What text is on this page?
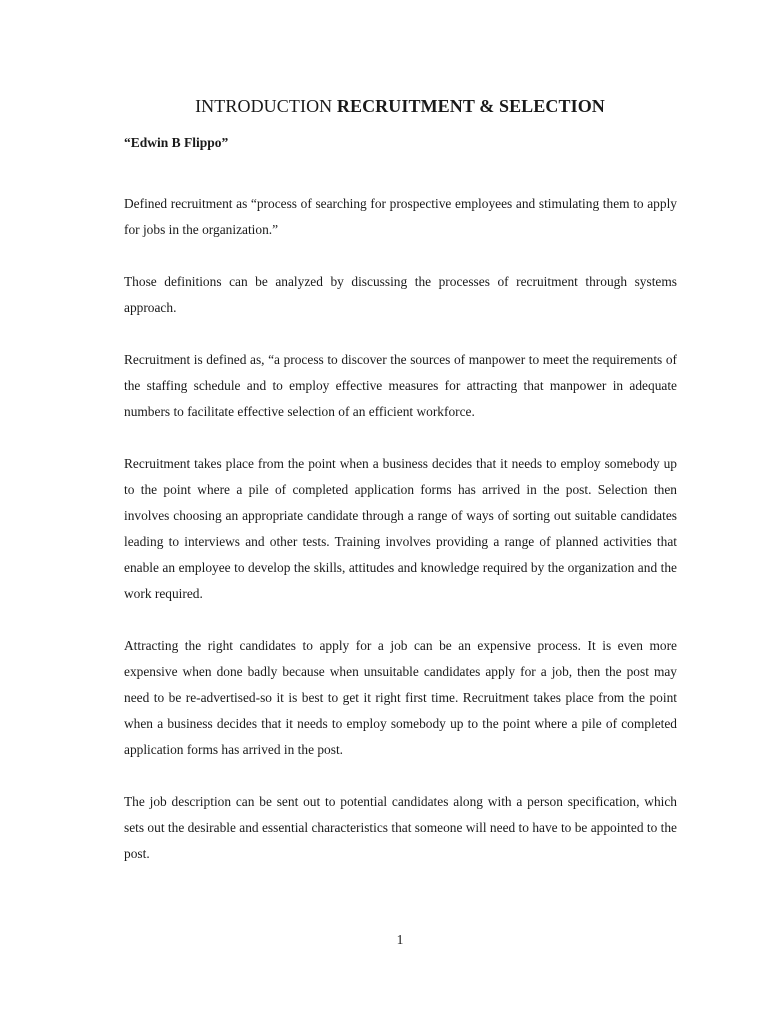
INTRODUCTION RECRUITMENT & SELECTION
“Edwin B Flippo”

Defined recruitment as “process of searching for prospective employees and stimulating them to apply for jobs in the organization.”

Those definitions can be analyzed by discussing the processes of recruitment through systems approach.

Recruitment is defined as, “a process to discover the sources of manpower to meet the requirements of the staffing schedule and to employ effective measures for attracting that manpower in adequate numbers to facilitate effective selection of an efficient workforce.

Recruitment takes place from the point when a business decides that it needs to employ somebody up to the point where a pile of completed application forms has arrived in the post. Selection then involves choosing an appropriate candidate through a range of ways of sorting out suitable candidates leading to interviews and other tests. Training involves providing a range of planned activities that enable an employee to develop the skills, attitudes and knowledge required by the organization and the work required.

Attracting the right candidates to apply for a job can be an expensive process. It is even more expensive when done badly because when unsuitable candidates apply for a job, then the post may need to be re-advertised-so it is best to get it right first time. Recruitment takes place from the point when a business decides that it needs to employ somebody up to the point where a pile of completed application forms has arrived in the post.

The job description can be sent out to potential candidates along with a person specification, which sets out the desirable and essential characteristics that someone will need to have to be appointed to the post.

1
